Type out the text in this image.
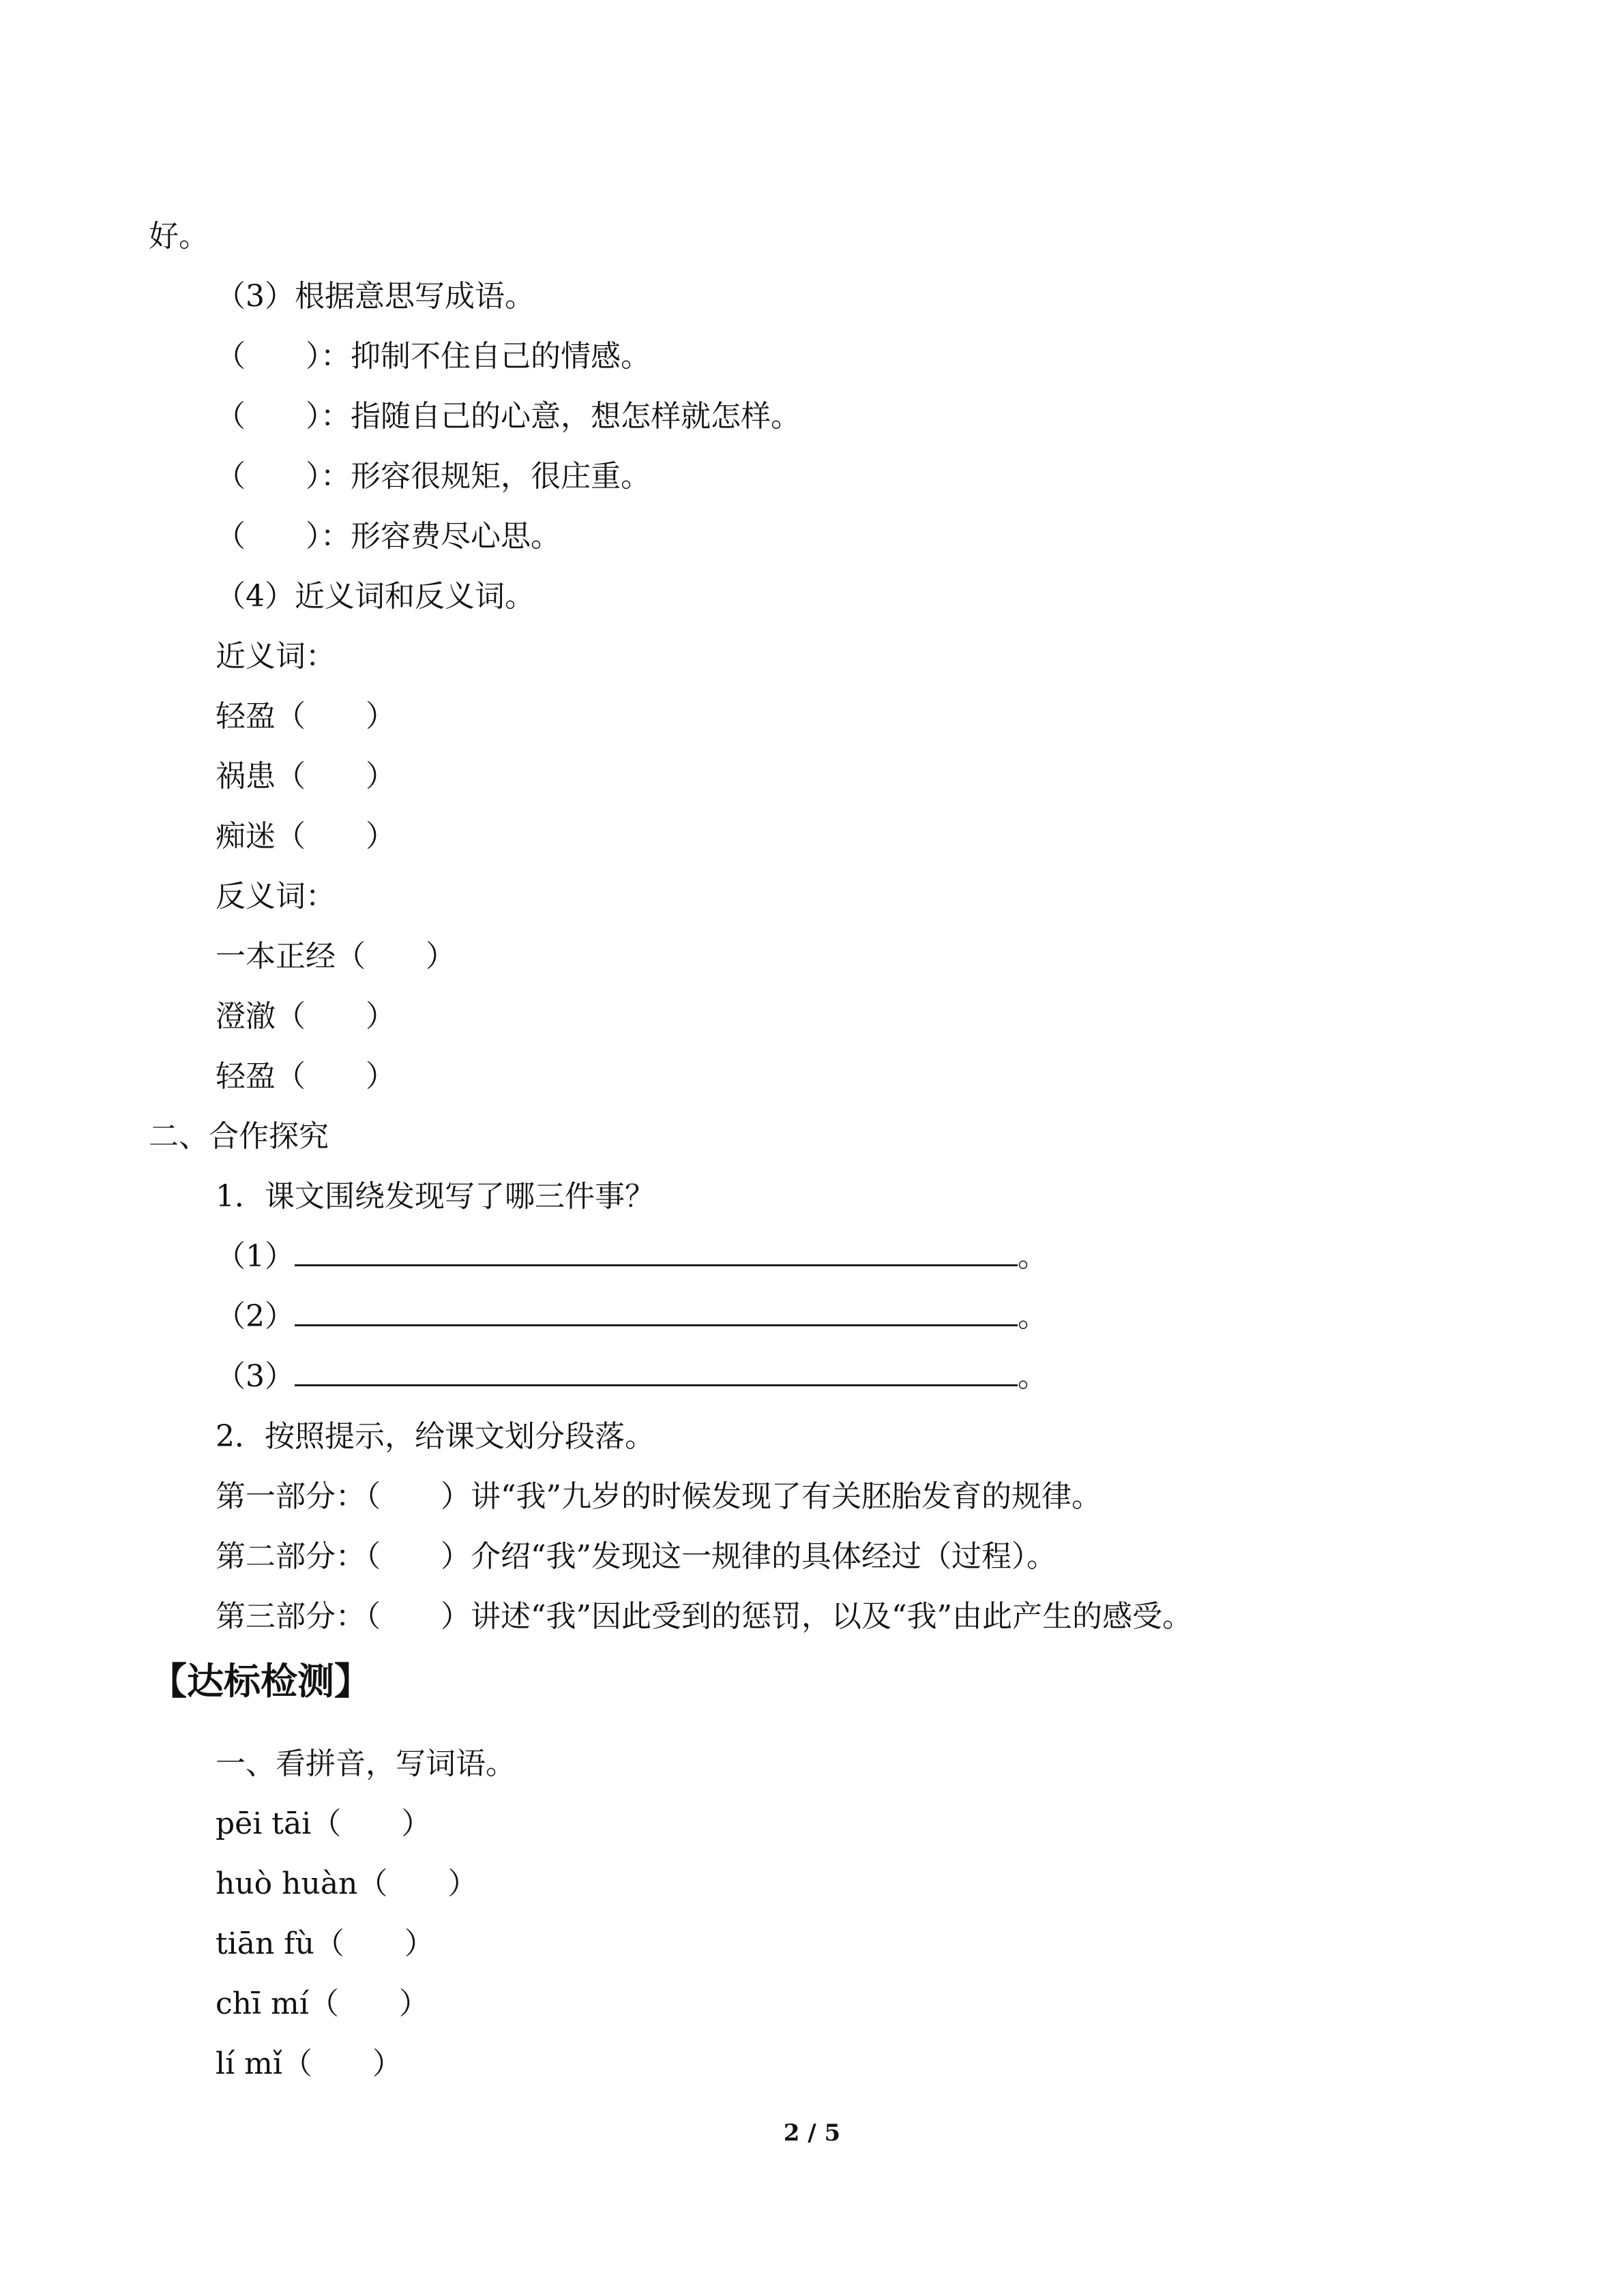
好。
（3）根据意思写成语。
（　　）：抑制不住自己的情感。
（　　）：指随自己的心意，想怎样就怎样。
（　　）：形容很规矩，很庄重。
（　　）：形容费尽心思。
（4）近义词和反义词。
近义词：
轻盈（　　）
祸患（　　）
痴迷（　　）
反义词：
一本正经（　　）
澄澈（　　）
轻盈（　　）
二、合作探究
1．课文围绕发现写了哪三件事？
（1）	。
（2）	。
（3）	。
2．按照提示，给课文划分段落。
第一部分：（　　）讲“我”九岁的时候发现了有关胚胎发育的规律。
第二部分：（　　）介绍“我”发现这一规律的具体经过（过程）。
第三部分：（　　）讲述“我”因此受到的惩罚，以及“我”由此产生的感受。
【达标检测】
一、看拼音，写词语。
pēi tāi（　　）
huò huàn（　　）
tiān fù（　　）
chī mí（　　）
lí mǐ（　　）
2 / 5
